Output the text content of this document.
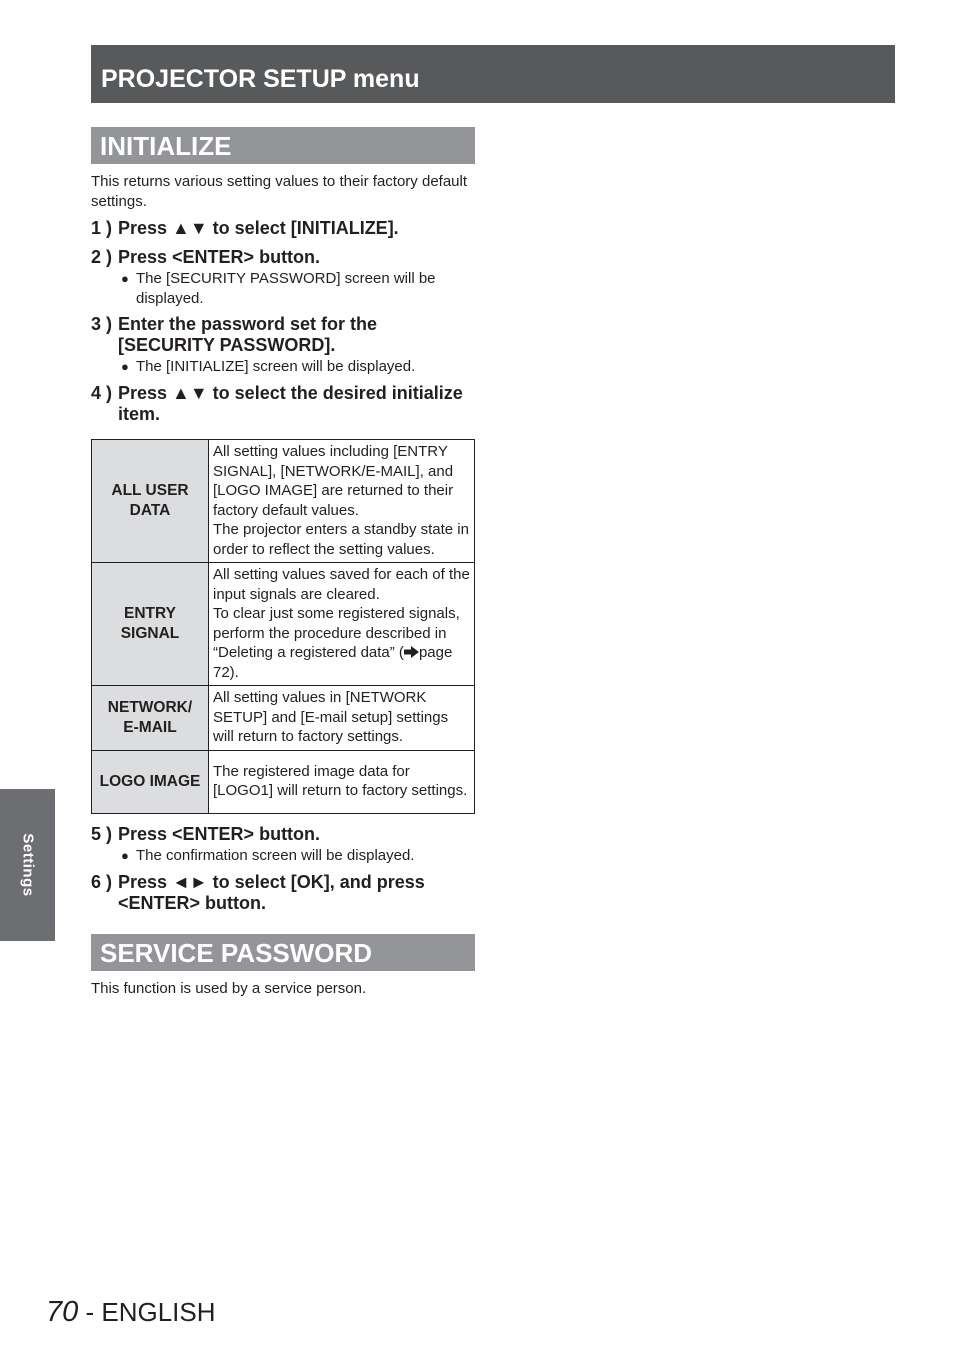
PROJECTOR SETUP menu
INITIALIZE

This returns various setting values to their factory default settings.

1 ) Press ▲▼ to select [INITIALIZE].

2 ) Press <ENTER> button.

● The [SECURITY PASSWORD] screen will be displayed.

3 ) Enter the password set for the [SECURITY PASSWORD].

● The [INITIALIZE] screen will be displayed.

4 ) Press ▲▼ to select the desired initialize item.

ALL USER DATA	All setting values including [ENTRY SIGNAL], [NETWORK/E-MAIL], and [LOGO IMAGE] are returned to their factory default values.
The projector enters a standby state in order to reflect the setting values.
ENTRY SIGNAL	All setting values saved for each of the input signals are cleared.
To clear just some registered signals, perform the procedure described in “Deleting a registered data” ( page 72).
NETWORK/
E-MAIL	All setting values in [NETWORK SETUP] and [E-mail setup] settings will return to factory settings.
LOGO IMAGE	The registered image data for [LOGO1] will return to factory settings.
5 ) Press <ENTER> button.

● The confirmation screen will be displayed.

6 ) Press ◄► to select [OK], and press <ENTER> button.

SERVICE PASSWORD

This function is used by a service person.

Settings
70 - ENGLISH
